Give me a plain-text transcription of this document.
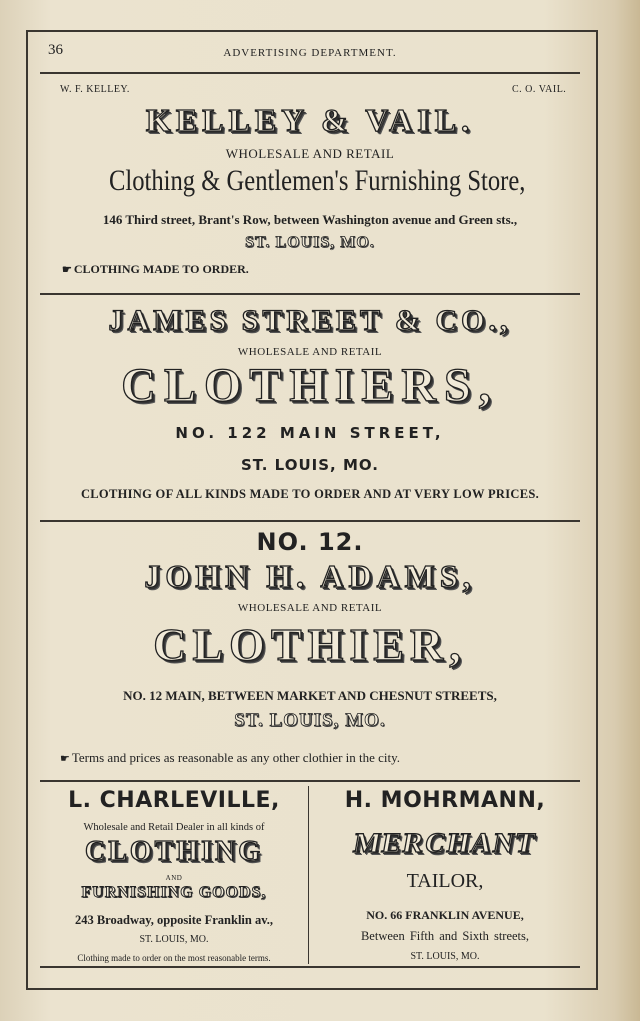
36	ADVERTISING DEPARTMENT.
W. F. KELLEY.	C. O. VAIL.
KELLEY & VAIL.
WHOLESALE AND RETAIL
Clothing & Gentlemen's Furnishing Store,
146 Third street, Brant's Row, between Washington avenue and Green sts.,
ST. LOUIS, MO.
☛ CLOTHING MADE TO ORDER.
JAMES STREET & CO.,
WHOLESALE AND RETAIL
CLOTHIERS,
NO. 122 MAIN STREET,
ST. LOUIS, MO.
CLOTHING OF ALL KINDS MADE TO ORDER AND AT VERY LOW PRICES.
NO. 12.
JOHN H. ADAMS,
WHOLESALE AND RETAIL
CLOTHIER,
NO. 12 MAIN, BETWEEN MARKET AND CHESNUT STREETS,
ST. LOUIS, MO.
☛ Terms and prices as reasonable as any other clothier in the city.
L. CHARLEVILLE,
Wholesale and Retail Dealer in all kinds of
CLOTHING
AND
FURNISHING GOODS,
243 Broadway, opposite Franklin av.,
ST. LOUIS, MO.
Clothing made to order on the most reasonable terms.
H. MOHRMANN,
MERCHANT
TAILOR,
NO. 66 FRANKLIN AVENUE,
Between Fifth and Sixth streets,
ST. LOUIS, MO.
